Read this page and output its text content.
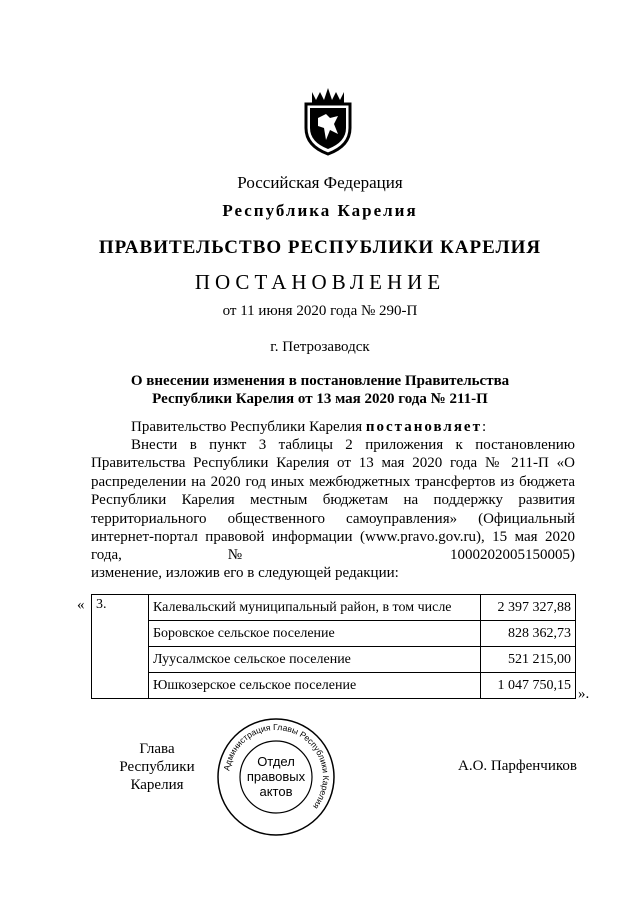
Российская Федерация
Республика Карелия
ПРАВИТЕЛЬСТВО РЕСПУБЛИКИ КАРЕЛИЯ
ПОСТАНОВЛЕНИЕ
от 11 июня 2020 года № 290-П
г. Петрозаводск
О внесении изменения в постановление Правительства
Республики Карелия от 13 мая 2020 года № 211-П
Правительство Республики Карелия постановляет:
Внести в пункт 3 таблицы 2 приложения к постановлению Правительства Республики Карелия от 13 мая 2020 года № 211-П «О распределении на 2020 год иных межбюджетных трансфертов из бюджета Республики Карелия местным бюджетам на поддержку развития территориального общественного самоуправления» (Официальный интернет-портал правовой информации (www.pravo.gov.ru), 15 мая 2020 года, № 1000202005150005)
изменение, изложив его в следующей редакции:
« 3.	Калевальский муниципальный район, в том числе	2 397 327,88
	Боровское сельское поселение	828 362,73
	Луусалмское сельское поселение	521 215,00
	Юшкозерское сельское поселение	1 047 750,15
».
Глава
Республики Карелия
Администрация Главы Республики Карелия
Отдел
правовых
актов
А.О. Парфенчиков
